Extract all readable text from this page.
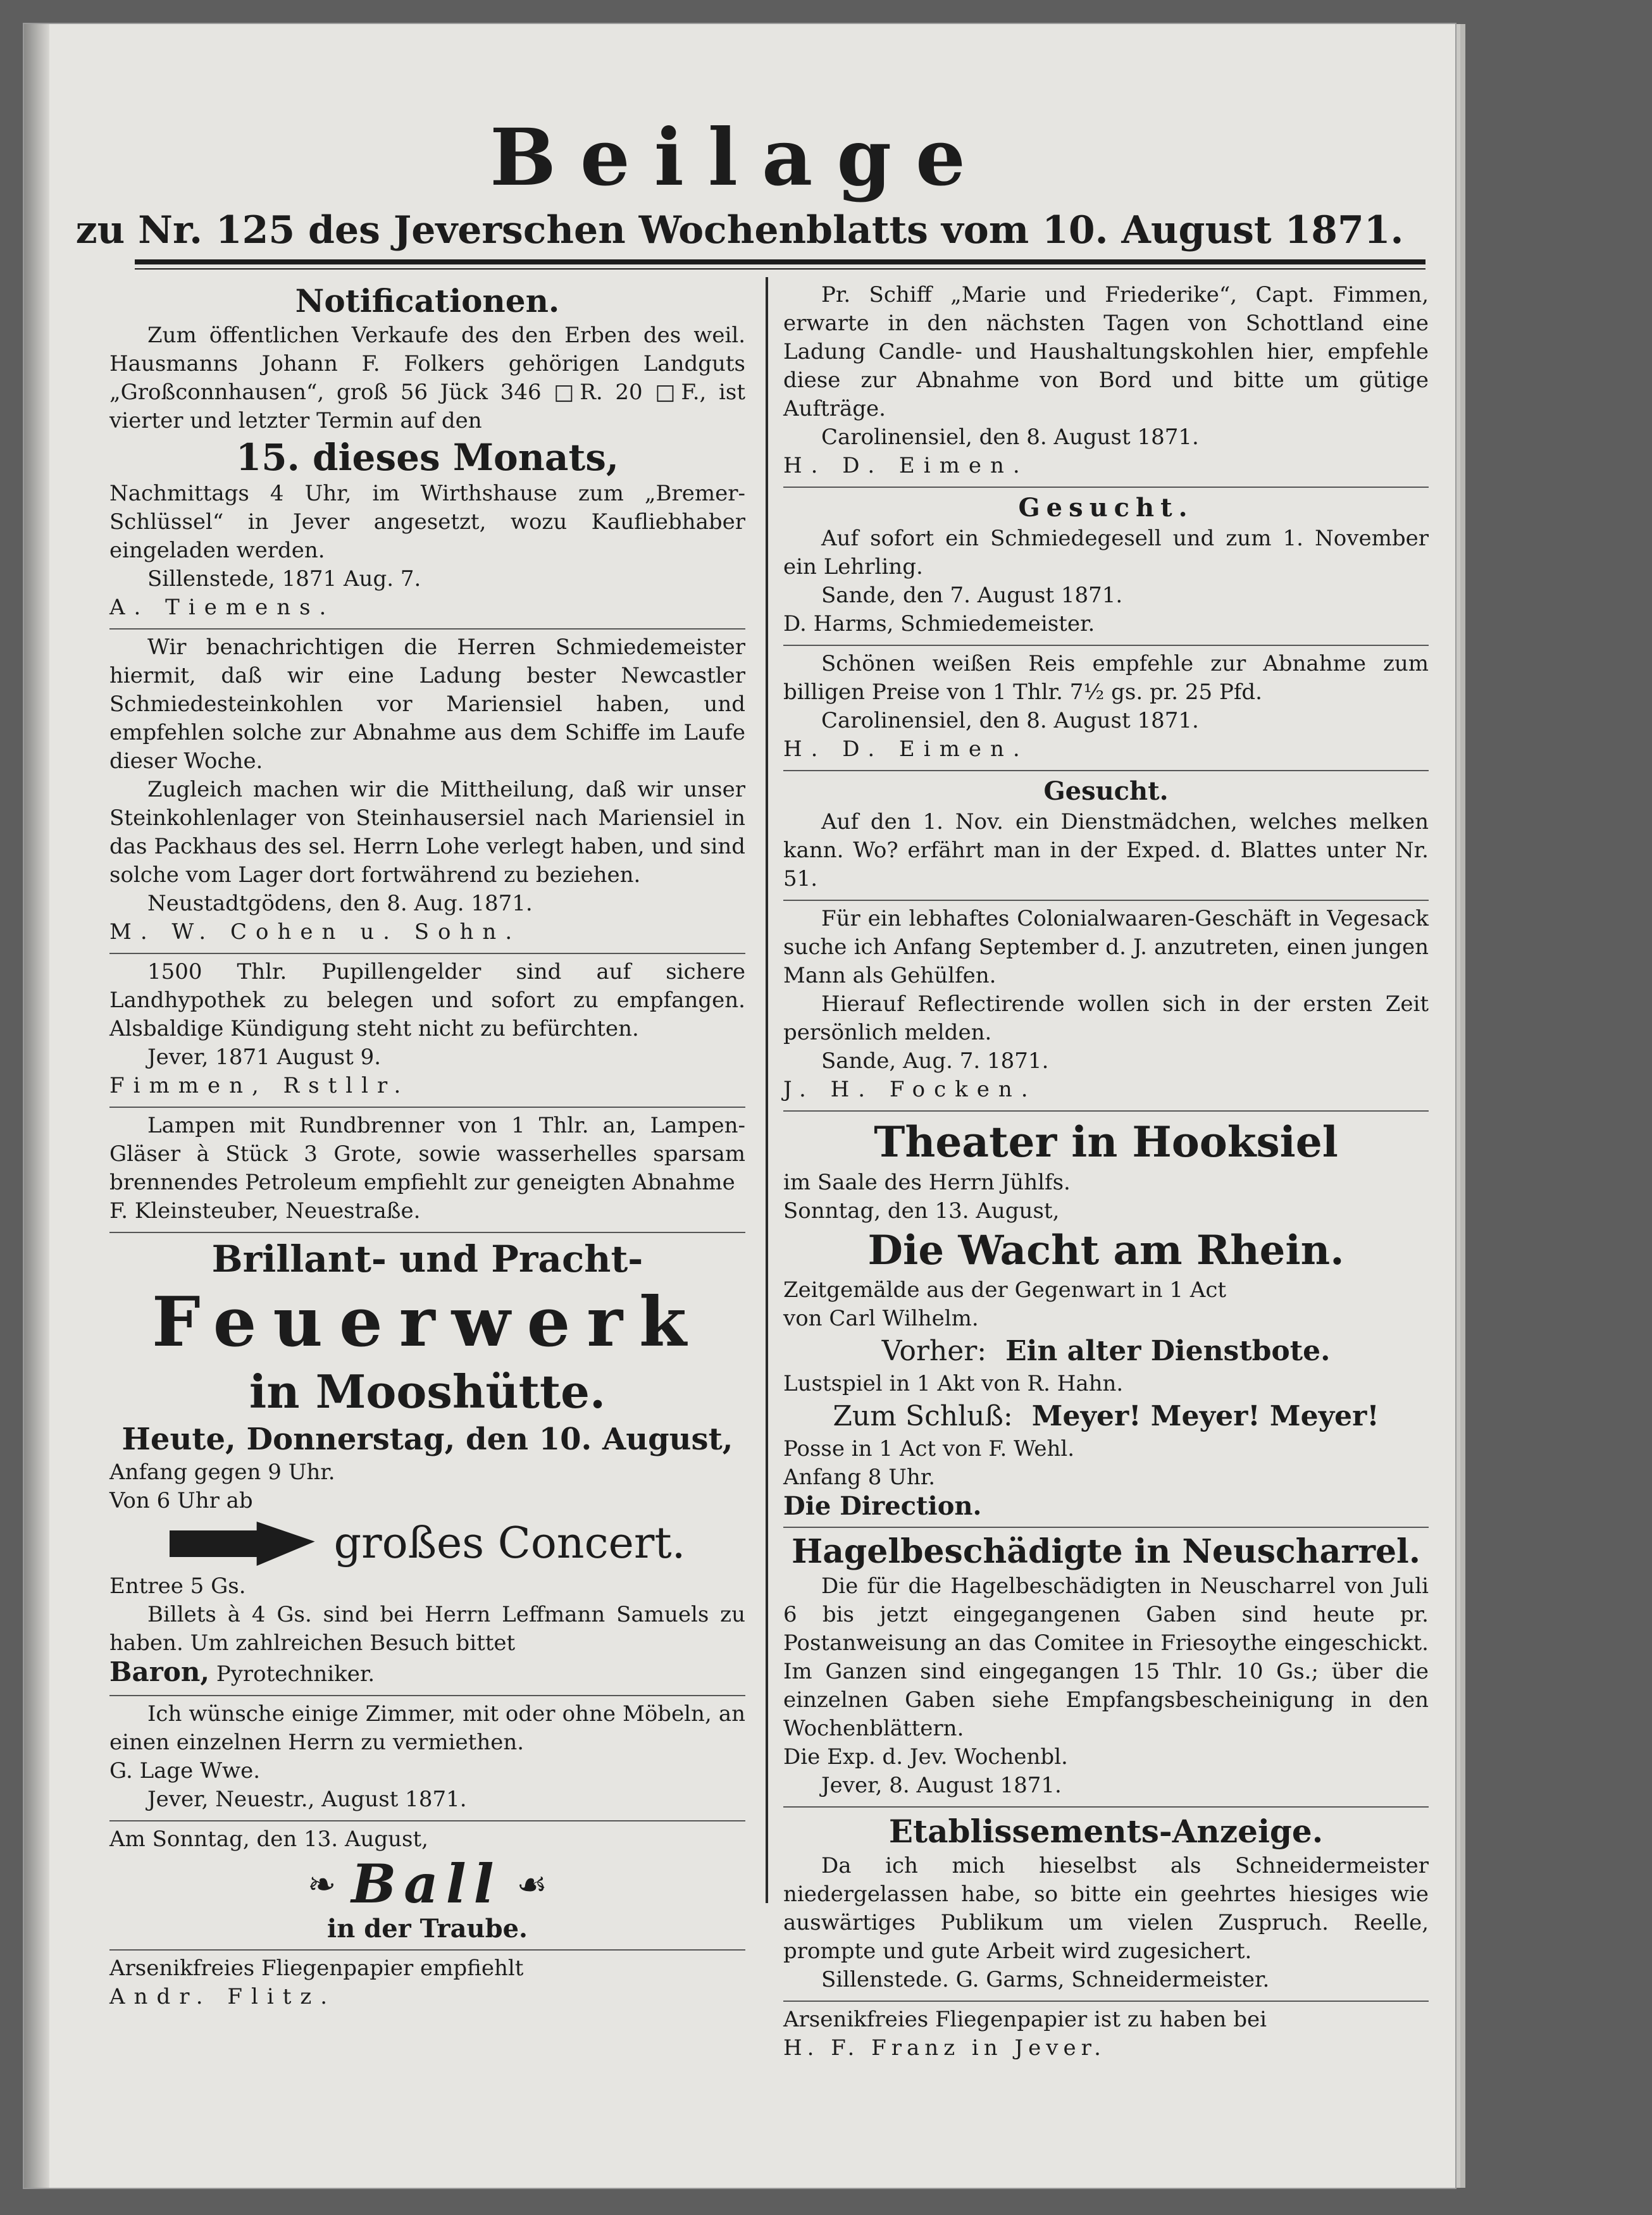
Beilage
zu Nr. 125 des Jeverschen Wochenblatts vom 10. August 1871.
Notificationen.

Zum öffentlichen Verkaufe des den Erben des weil. Hausmanns Johann F. Folkers gehörigen Landguts „Großconnhausen“, groß 56 Jück 346 □R. 20 □F., ist vierter und letzter Termin auf den

15. dieses Monats,

Nachmittags 4 Uhr, im Wirthshause zum „Bremer-Schlüssel“ in Jever angesetzt, wozu Kaufliebhaber eingeladen werden.

Sillenstede, 1871 Aug. 7.

A. Tiemens.

Wir benachrichtigen die Herren Schmiedemeister hiermit, daß wir eine Ladung bester Newcastler Schmiedesteinkohlen vor Mariensiel haben, und empfehlen solche zur Abnahme aus dem Schiffe im Laufe dieser Woche.

Zugleich machen wir die Mittheilung, daß wir unser Steinkohlenlager von Steinhausersiel nach Mariensiel in das Packhaus des sel. Herrn Lohe verlegt haben, und sind solche vom Lager dort fortwährend zu beziehen.

Neustadtgödens, den 8. Aug. 1871.

M. W. Cohen u. Sohn.

1500 Thlr. Pupillengelder sind auf sichere Landhypothek zu belegen und sofort zu empfangen. Alsbaldige Kündigung steht nicht zu befürchten.

Jever, 1871 August 9.

Fimmen, Rstllr.

Lampen mit Rundbrenner von 1 Thlr. an, Lampen-Gläser à Stück 3 Grote, sowie wasserhelles sparsam brennendes Petroleum empfiehlt zur geneigten Abnahme

F. Kleinsteuber, Neuestraße.

Brillant- und Pracht-
Feuerwerk
in Mooshütte.
Heute, Donnerstag, den 10. August,

Anfang gegen 9 Uhr.

Von 6 Uhr ab

großes Concert.

Entree 5 Gs.

Billets à 4 Gs. sind bei Herrn Leffmann Samuels zu haben. Um zahlreichen Besuch bittet

Baron, Pyrotechniker.

Ich wünsche einige Zimmer, mit oder ohne Möbeln, an einen einzelnen Herrn zu vermiethen.

G. Lage Wwe.

Jever, Neuestr., August 1871.

Am Sonntag, den 13. August,

❧ Ball ☙
in der Traube.

Arsenikfreies Fliegenpapier empfiehlt

Andr. Flitz.

Pr. Schiff „Marie und Friederike“, Capt. Fimmen, erwarte in den nächsten Tagen von Schottland eine Ladung Candle- und Haushaltungskohlen hier, empfehle diese zur Abnahme von Bord und bitte um gütige Aufträge.

Carolinensiel, den 8. August 1871.

H. D. Eimen.

Gesucht.

Auf sofort ein Schmiedegesell und zum 1. November ein Lehrling.

Sande, den 7. August 1871.

D. Harms, Schmiedemeister.

Schönen weißen Reis empfehle zur Abnahme zum billigen Preise von 1 Thlr. 7½ gs. pr. 25 Pfd.

Carolinensiel, den 8. August 1871.

H. D. Eimen.

Gesucht.

Auf den 1. Nov. ein Dienstmädchen, welches melken kann. Wo? erfährt man in der Exped. d. Blattes unter Nr. 51.

Für ein lebhaftes Colonialwaaren-Geschäft in Vegesack suche ich Anfang September d. J. anzutreten, einen jungen Mann als Gehülfen.

Hierauf Reflectirende wollen sich in der ersten Zeit persönlich melden.

Sande, Aug. 7. 1871.

J. H. Focken.

Theater in Hooksiel

im Saale des Herrn Jühlfs.

Sonntag, den 13. August,

Die Wacht am Rhein.

Zeitgemälde aus der Gegenwart in 1 Act

von Carl Wilhelm.

Vorher: Ein alter Dienstbote.

Lustspiel in 1 Akt von R. Hahn.

Zum Schluß: Meyer! Meyer! Meyer!

Posse in 1 Act von F. Wehl.

Anfang 8 Uhr.

Die Direction.

Hagelbeschädigte in Neuscharrel.

Die für die Hagelbeschädigten in Neuscharrel von Juli 6 bis jetzt eingegangenen Gaben sind heute pr. Postanweisung an das Comitee in Friesoythe eingeschickt. Im Ganzen sind eingegangen 15 Thlr. 10 Gs.; über die einzelnen Gaben siehe Empfangsbescheinigung in den Wochenblättern.

Die Exp. d. Jev. Wochenbl.

Jever, 8. August 1871.

Etablissements-Anzeige.

Da ich mich hieselbst als Schneidermeister niedergelassen habe, so bitte ein geehrtes hiesiges wie auswärtiges Publikum um vielen Zuspruch. Reelle, prompte und gute Arbeit wird zugesichert.

Sillenstede. G. Garms, Schneidermeister.

Arsenikfreies Fliegenpapier ist zu haben bei

H. F. Franz in Jever.
